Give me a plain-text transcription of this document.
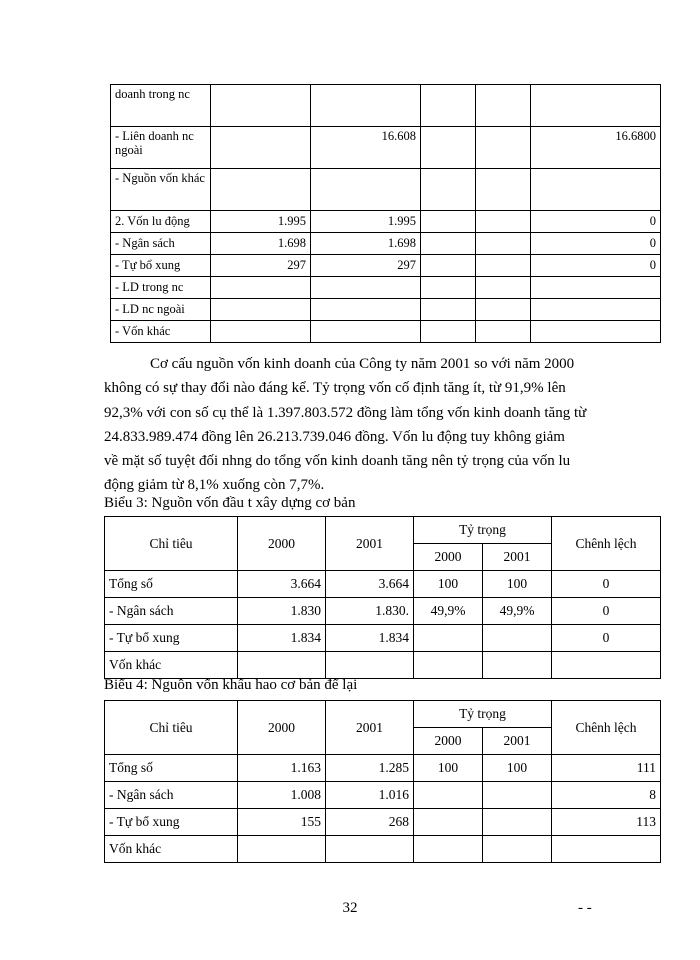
doanh trong nc					
- Liên doanh nc ngoài		16.608			16.6800
- Nguồn vốn khác					
2. Vốn lu động	1.995	1.995			0
- Ngân sách	1.698	1.698			0
- Tự bổ xung	297	297			0
- LD trong nc					
- LD nc ngoài					
- Vốn khác					

Cơ cấu nguồn vốn kinh doanh của Công ty năm 2001 so với năm 2000

không có sự thay đổi nào đáng kể. Tỷ trọng vốn cố định tăng ít, từ 91,9% lên

92,3% với con số cụ thể là 1.397.803.572 đồng làm tổng vốn kinh doanh tăng từ

24.833.989.474 đồng lên 26.213.739.046 đồng. Vốn lu động tuy không giảm

về mặt số tuyệt đối nhng do tổng vốn kinh doanh tăng nên tỷ trọng của vốn lu

động giảm từ 8,1% xuống còn 7,7%.

Biểu 3: Nguồn vốn đầu t xây dựng cơ bản
Chỉ tiêu	2000	2001	Tỷ trọng		Chênh lệch
			2000	2001	
Tổng số	3.664	3.664	100	100	0
- Ngân sách	1.830	1.830.	49,9%	49,9%	0
- Tự bổ xung	1.834	1.834			0
Vốn khác					
Biểu 4: Nguồn vốn khấu hao cơ bản để lại
Chỉ tiêu	2000	2001	Tỷ trọng		Chênh lệch
			2000	2001	
Tổng số	1.163	1.285	100	100	111
- Ngân sách	1.008	1.016			8
- Tự bổ xung	155	268			113
Vốn khác					
32	- -
